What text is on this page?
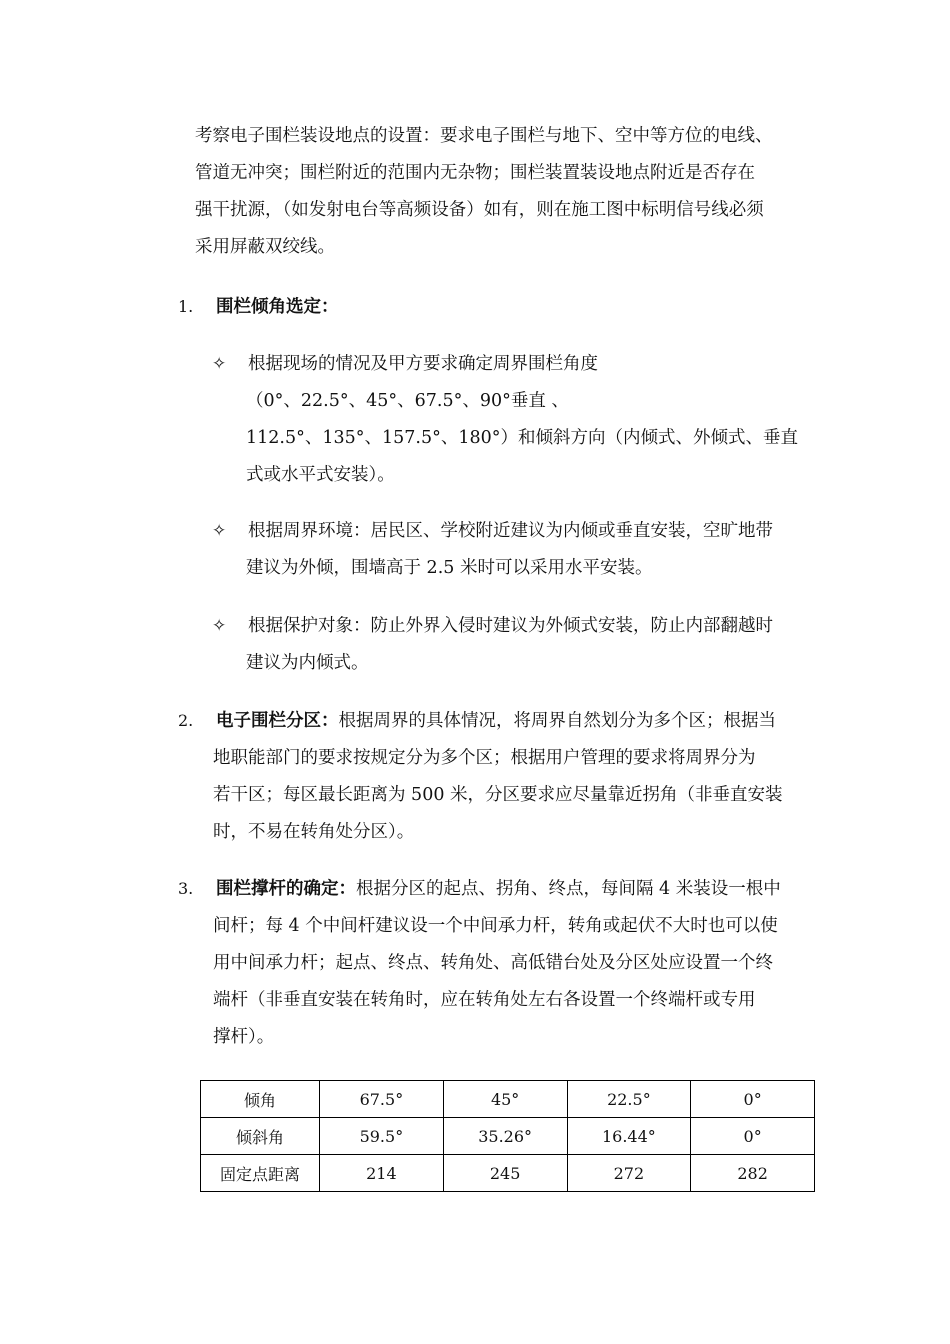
考察电子围栏装设地点的设置：要求电子围栏与地下、空中等方位的电线、
管道无冲突；围栏附近的范围内无杂物；围栏装置装设地点附近是否存在
强干扰源，（如发射电台等高频设备）如有，则在施工图中标明信号线必须
采用屏蔽双绞线。
1. 围栏倾角选定：
✧ 根据现场的情况及甲方要求确定周界围栏角度
（0°、22.5°、45°、67.5°、90°垂直 、
112.5°、135°、157.5°、180°）和倾斜方向（内倾式、外倾式、垂直
式或水平式安装）。
✧ 根据周界环境：居民区、学校附近建议为内倾或垂直安装，空旷地带
建议为外倾，围墙高于 2.5 米时可以采用水平安装。
✧ 根据保护对象：防止外界入侵时建议为外倾式安装，防止内部翻越时
建议为内倾式。
2. 电子围栏分区：根据周界的具体情况，将周界自然划分为多个区；根据当
地职能部门的要求按规定分为多个区；根据用户管理的要求将周界分为
若干区；每区最长距离为 500 米，分区要求应尽量靠近拐角（非垂直安装
时，不易在转角处分区）。
3. 围栏撑杆的确定：根据分区的起点、拐角、终点，每间隔 4 米装设一根中
间杆；每 4 个中间杆建议设一个中间承力杆，转角或起伏不大时也可以使
用中间承力杆；起点、终点、转角处、高低错台处及分区处应设置一个终
端杆（非垂直安装在转角时，应在转角处左右各设置一个终端杆或专用
撑杆）。
倾角	67.5°	45°	22.5°	0°
倾斜角	59.5°	35.26°	16.44°	0°
固定点距离	214	245	272	282
